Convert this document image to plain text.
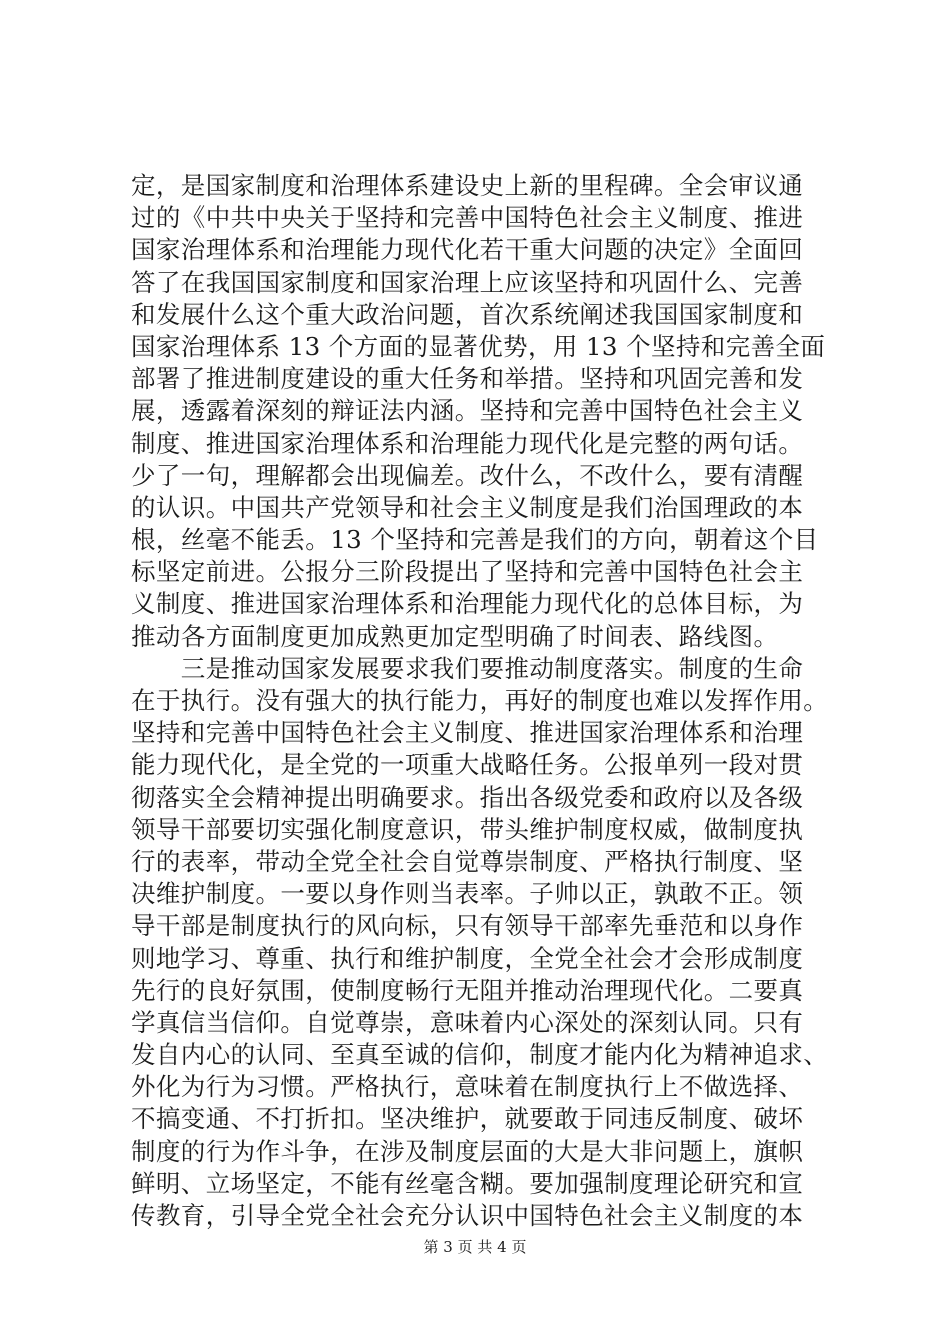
定，是国家制度和治理体系建设史上新的里程碑。全会审议通
过的《中共中央关于坚持和完善中国特色社会主义制度、推进
国家治理体系和治理能力现代化若干重大问题的决定》全面回
答了在我国国家制度和国家治理上应该坚持和巩固什么、完善
和发展什么这个重大政治问题，首次系统阐述我国国家制度和
国家治理体系 13 个方面的显著优势，用 13 个坚持和完善全面
部署了推进制度建设的重大任务和举措。坚持和巩固完善和发
展，透露着深刻的辩证法内涵。坚持和完善中国特色社会主义
制度、推进国家治理体系和治理能力现代化是完整的两句话。
少了一句，理解都会出现偏差。改什么，不改什么，要有清醒
的认识。中国共产党领导和社会主义制度是我们治国理政的本
根，丝毫不能丢。13 个坚持和完善是我们的方向，朝着这个目
标坚定前进。公报分三阶段提出了坚持和完善中国特色社会主
义制度、推进国家治理体系和治理能力现代化的总体目标，为
推动各方面制度更加成熟更加定型明确了时间表、路线图。
　　三是推动国家发展要求我们要推动制度落实。制度的生命
在于执行。没有强大的执行能力，再好的制度也难以发挥作用。
坚持和完善中国特色社会主义制度、推进国家治理体系和治理
能力现代化，是全党的一项重大战略任务。公报单列一段对贯
彻落实全会精神提出明确要求。指出各级党委和政府以及各级
领导干部要切实强化制度意识，带头维护制度权威，做制度执
行的表率，带动全党全社会自觉尊崇制度、严格执行制度、坚
决维护制度。一要以身作则当表率。子帅以正，孰敢不正。领
导干部是制度执行的风向标，只有领导干部率先垂范和以身作
则地学习、尊重、执行和维护制度，全党全社会才会形成制度
先行的良好氛围，使制度畅行无阻并推动治理现代化。二要真
学真信当信仰。自觉尊崇，意味着内心深处的深刻认同。只有
发自内心的认同、至真至诚的信仰，制度才能内化为精神追求、
外化为行为习惯。严格执行，意味着在制度执行上不做选择、
不搞变通、不打折扣。坚决维护，就要敢于同违反制度、破坏
制度的行为作斗争，在涉及制度层面的大是大非问题上，旗帜
鲜明、立场坚定，不能有丝毫含糊。要加强制度理论研究和宣
传教育，引导全党全社会充分认识中国特色社会主义制度的本
第 3 页 共 4 页
